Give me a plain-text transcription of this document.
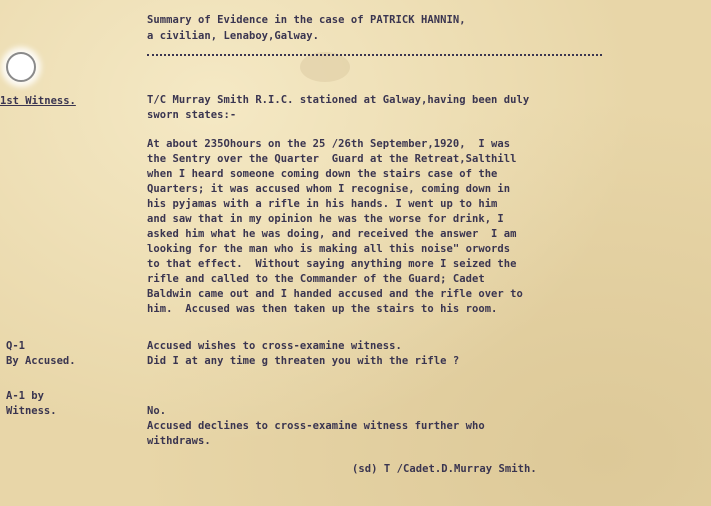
Summary of Evidence in the case of PATRICK HANNIN,
a civilian, Lenaboy,Galway.
1st Witness.	T/C Murray Smith R.I.C. stationed at Galway,having been duly
sworn states:-
At about 235Ohours on the 25 /26th September,1920,  I was
the Sentry over the Quarter  Guard at the Retreat,Salthill
when I heard someone coming down the stairs case of the
Quarters; it was accused whom I recognise, coming down in
his pyjamas with a rifle in his hands. I went up to him
and saw that in my opinion he was the worse for drink, I
asked him what he was doing, and received the answer  I am
looking for the man who is making all this noise" orwords
to that effect.  Without saying anything more I seized the
rifle and called to the Commander of the Guard; Cadet
Baldwin came out and I handed accused and the rifle over to
him.  Accused was then taken up the stairs to his room.
Q-1
By Accused.
Accused wishes to cross-examine witness.
Did I at any time g threaten you with the rifle ?
A-1 by
Witness.	No.
Accused declines to cross-examine witness further who
withdraws.
(sd) T /Cadet.D.Murray Smith.
